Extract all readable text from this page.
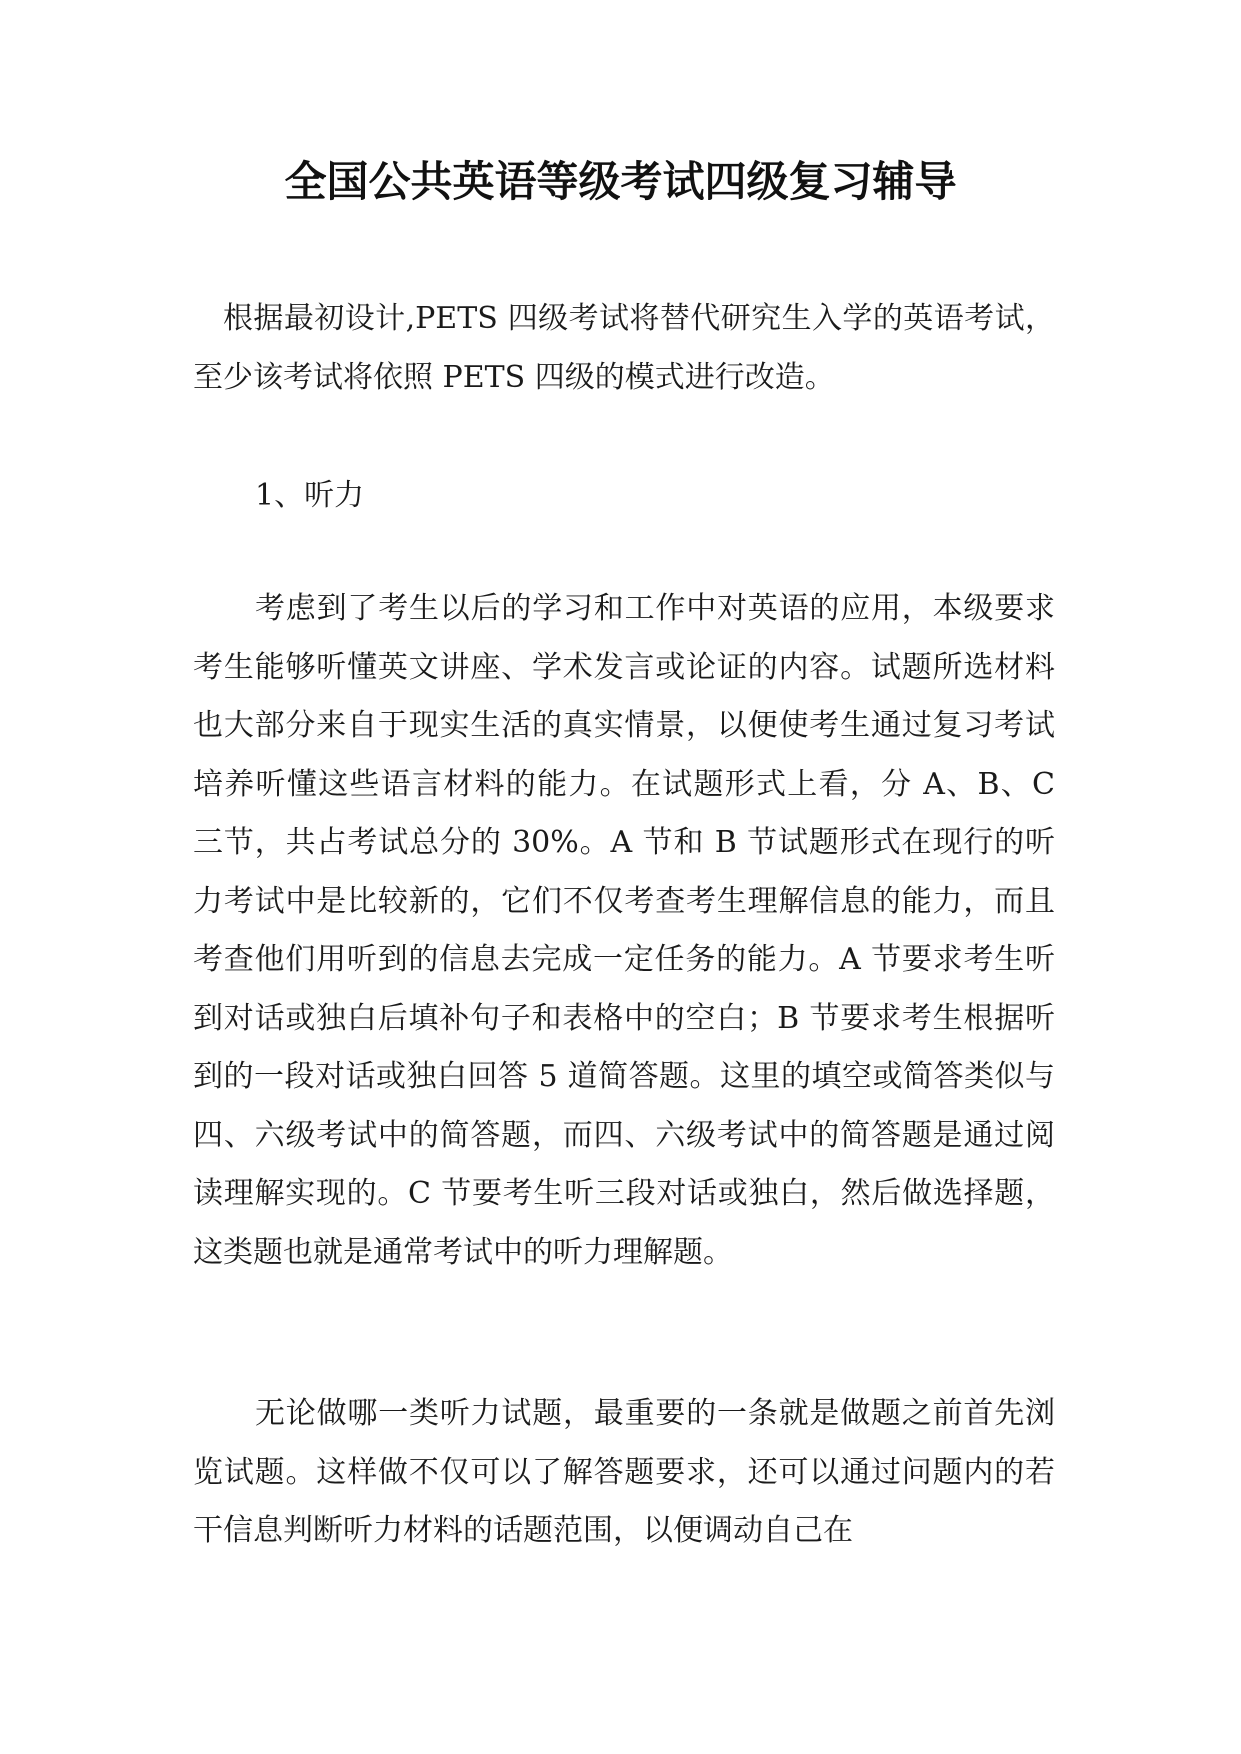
全国公共英语等级考试四级复习辅导

根据最初设计,PETS 四级考试将替代研究生入学的英语考试，至少该考试将依照 PETS 四级的模式进行改造。

1、听力

考虑到了考生以后的学习和工作中对英语的应用，本级要求考生能够听懂英文讲座、学术发言或论证的内容。试题所选材料也大部分来自于现实生活的真实情景，以便使考生通过复习考试培养听懂这些语言材料的能力。在试题形式上看，分 A、B、C 三节，共占考试总分的 30%。A 节和 B 节试题形式在现行的听力考试中是比较新的，它们不仅考查考生理解信息的能力，而且考查他们用听到的信息去完成一定任务的能力。A 节要求考生听到对话或独白后填补句子和表格中的空白；B 节要求考生根据听到的一段对话或独白回答 5 道简答题。这里的填空或简答类似与四、六级考试中的简答题，而四、六级考试中的简答题是通过阅读理解实现的。C 节要考生听三段对话或独白，然后做选择题，这类题也就是通常考试中的听力理解题。

无论做哪一类听力试题，最重要的一条就是做题之前首先浏览试题。这样做不仅可以了解答题要求，还可以通过问题内的若干信息判断听力材料的话题范围，以便调动自己在
